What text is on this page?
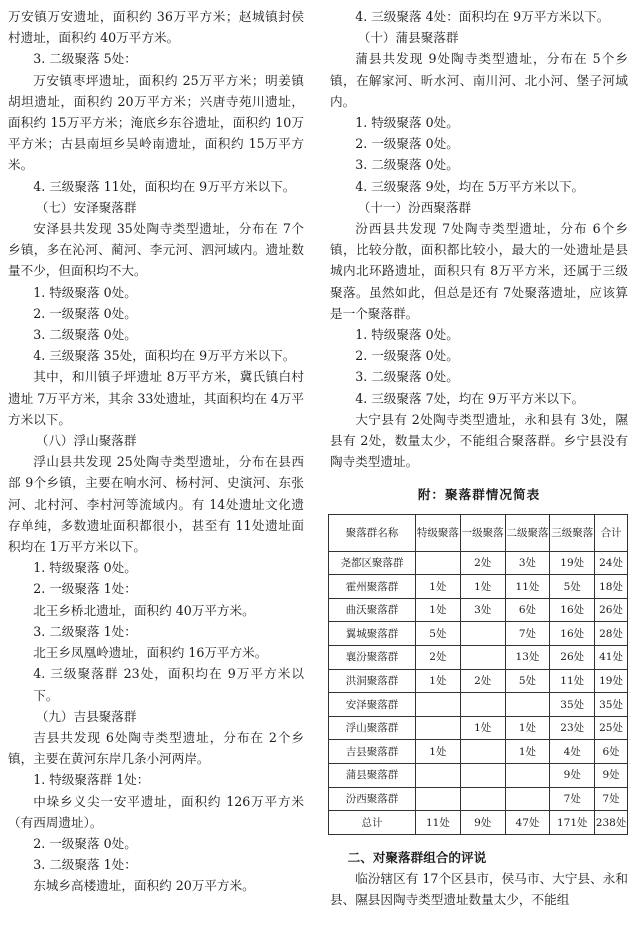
万安镇万安遗址，面积约 36万平方米；赵城镇封侯村遗址，面积约 40万平方米。

3. 二级聚落 5处：

万安镇枣坪遗址，面积约 25万平方米；明姜镇胡坦遗址，面积约 20万平方米；兴唐寺苑川遗址，面积约 15万平方米；淹底乡东谷遗址，面积约 10万平方米；古县南垣乡吴岭南遗址，面积约 15万平方米。

4. 三级聚落 11处，面积均在 9万平方米以下。

（七）安泽聚落群

安泽县共发现 35处陶寺类型遗址，分布在 7个乡镇，多在沁河、蔺河、李元河、泗河域内。遗址数量不少，但面积均不大。

1. 特级聚落 0处。

2. 一级聚落 0处。

3. 二级聚落 0处。

4. 三级聚落 35处，面积均在 9万平方米以下。

其中，和川镇子坪遗址 8万平方米，冀氏镇白村遗址 7万平方米，其余 33处遗址，其面积均在 4万平方米以下。

（八）浮山聚落群

浮山县共发现 25处陶寺类型遗址，分布在县西部 9个乡镇，主要在响水河、杨村河、史演河、东张河、北村河、李村河等流域内。有 14处遗址文化遗存单纯，多数遗址面积都很小，甚至有 11处遗址面积均在 1万平方米以下。

1. 特级聚落 0处。

2. 一级聚落 1处：

北王乡桥北遗址，面积约 40万平方米。

3. 二级聚落 1处：

北王乡凤凰岭遗址，面积约 16万平方米。

4. 三级聚落群 23处，面积均在 9万平方米以下。

（九）吉县聚落群

吉县共发现 6处陶寺类型遗址，分布在 2个乡镇，主要在黄河东岸几条小河两岸。

1. 特级聚落群 1处：

中垛乡义尖一安平遗址，面积约 126万平方米（有西周遗址）。

2. 一级聚落 0处。

3. 二级聚落 1处：

东城乡高楼遗址，面积约 20万平方米。

4. 三级聚落 4处：面积均在 9万平方米以下。

（十）蒲县聚落群

蒲县共发现 9处陶寺类型遗址，分布在 5个乡镇，在解家河、昕水河、南川河、北小河、堡子河域内。

1. 特级聚落 0处。

2. 一级聚落 0处。

3. 二级聚落 0处。

4. 三级聚落 9处，均在 5万平方米以下。

（十一）汾西聚落群

汾西县共发现 7处陶寺类型遗址，分布 6个乡镇，比较分散，面积都比较小，最大的一处遗址是县城内北环路遗址，面积只有 8万平方米，还属于三级聚落。虽然如此，但总是还有 7处聚落遗址，应该算是一个聚落群。

1. 特级聚落 0处。

2. 一级聚落 0处。

3. 二级聚落 0处。

4. 三级聚落 7处，均在 9万平方米以下。

大宁县有 2处陶寺类型遗址，永和县有 3处，隰县有 2处，数量太少，不能组合聚落群。乡宁县没有陶寺类型遗址。

附：聚落群情况简表
聚落群名称	特级聚落	一级聚落	二级聚落	三级聚落	合计
尧都区聚落群		2处	3处	19处	24处
霍州聚落群	1处	1处	11处	5处	18处
曲沃聚落群	1处	3处	6处	16处	26处
翼城聚落群	5处		7处	16处	28处
襄汾聚落群	2处		13处	26处	41处
洪洞聚落群	1处	2处	5处	11处	19处
安泽聚落群				35处	35处
浮山聚落群		1处	1处	23处	25处
吉县聚落群	1处		1处	4处	6处
蒲县聚落群				9处	9处
汾西聚落群				7处	7处
总计	11处	9处	47处	171处	238处

二、对聚落群组合的评说

临汾辖区有 17个区县市，侯马市、大宁县、永和县、隰县因陶寺类型遗址数量太少，不能组
